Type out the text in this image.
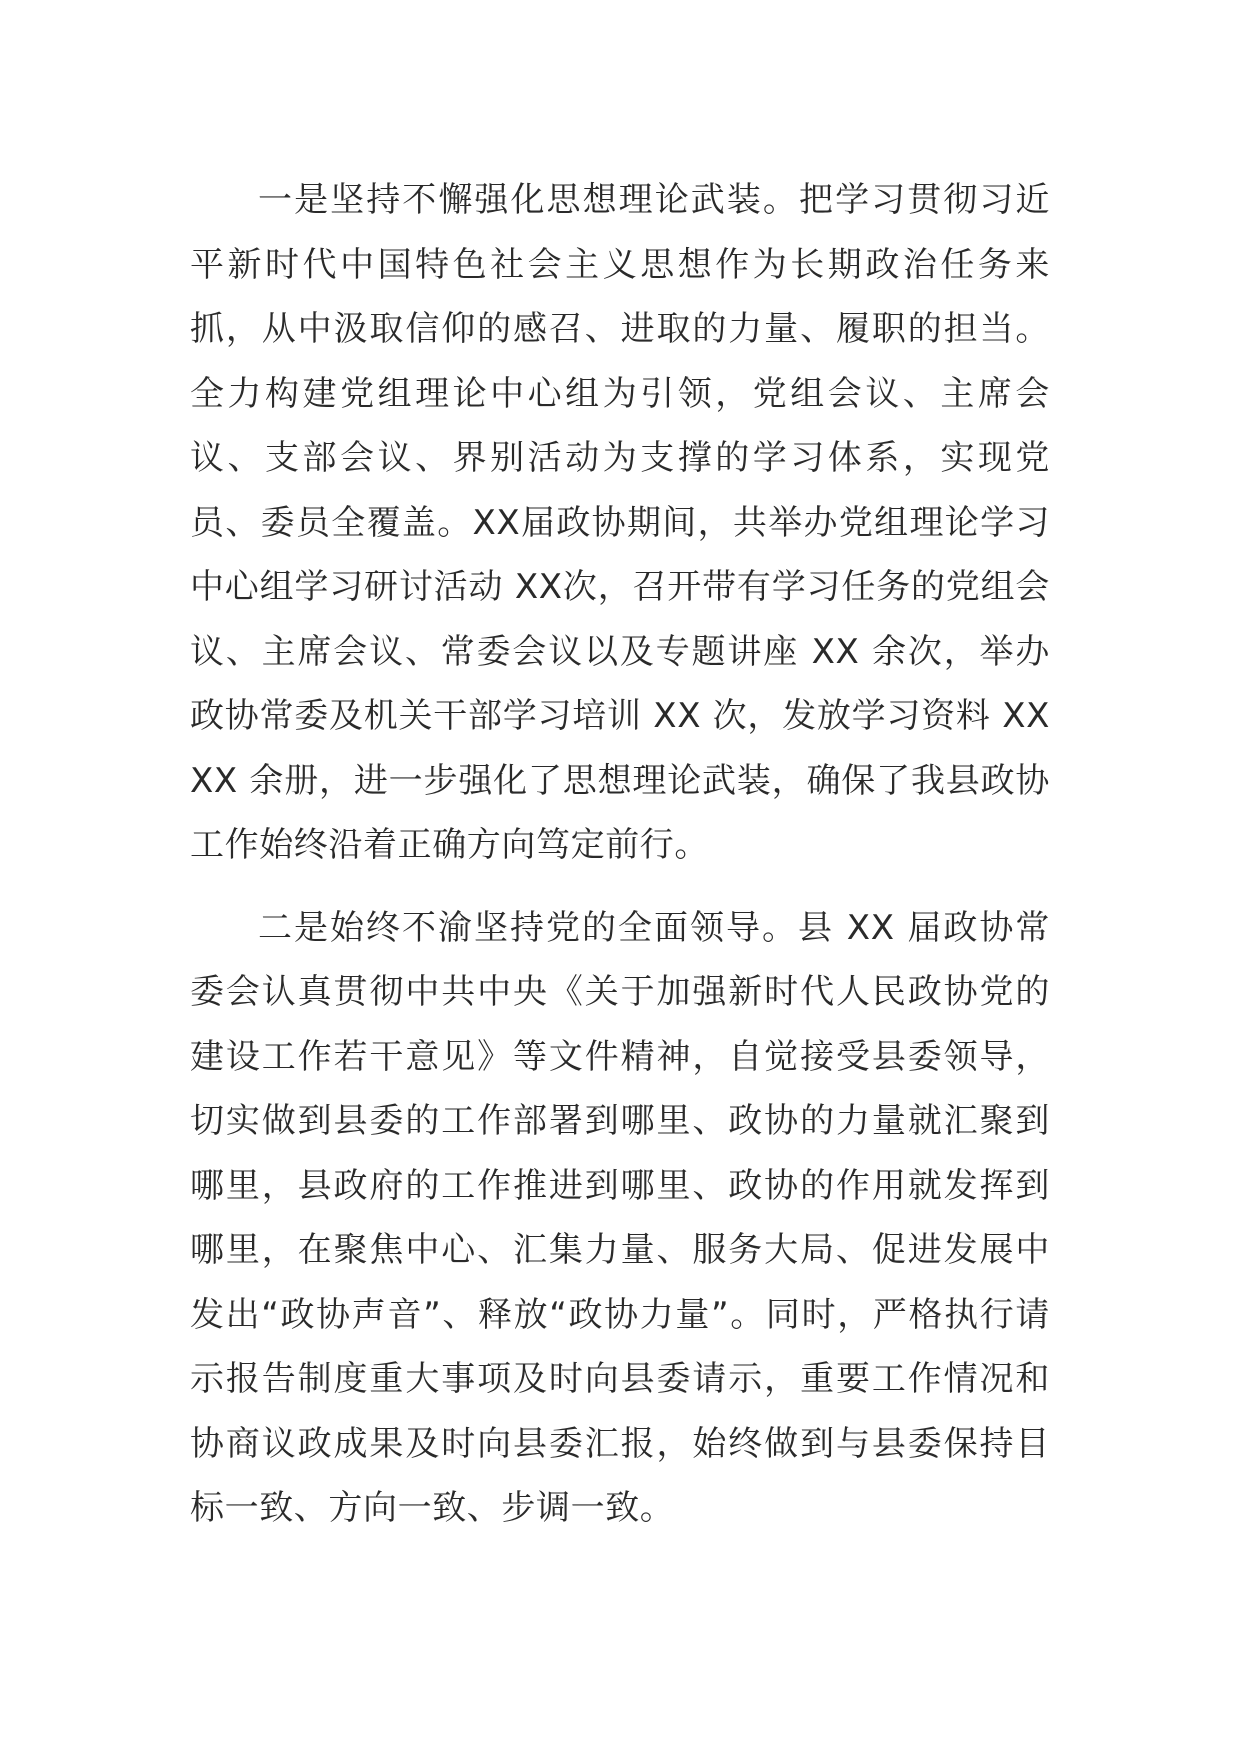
一是坚持不懈强化思想理论武装。把学习贯彻习近平新时代中国特色社会主义思想作为长期政治任务来抓，从中汲取信仰的感召、进取的力量、履职的担当。全力构建党组理论中心组为引领，党组会议、主席会议、支部会议、界别活动为支撑的学习体系，实现党员、委员全覆盖。XX届政协期间，共举办党组理论学习中心组学习研讨活动 XX次，召开带有学习任务的党组会议、主席会议、常委会议以及专题讲座 XX 余次，举办政协常委及机关干部学习培训 XX 次，发放学习资料 XXXX 余册，进一步强化了思想理论武装，确保了我县政协工作始终沿着正确方向笃定前行。

二是始终不渝坚持党的全面领导。县 XX 届政协常委会认真贯彻中共中央《关于加强新时代人民政协党的建设工作若干意见》等文件精神，自觉接受县委领导，切实做到县委的工作部署到哪里、政协的力量就汇聚到哪里，县政府的工作推进到哪里、政协的作用就发挥到哪里，在聚焦中心、汇集力量、服务大局、促进发展中发出“政协声音”、释放“政协力量”。同时，严格执行请示报告制度重大事项及时向县委请示，重要工作情况和协商议政成果及时向县委汇报，始终做到与县委保持目标一致、方向一致、步调一致。
